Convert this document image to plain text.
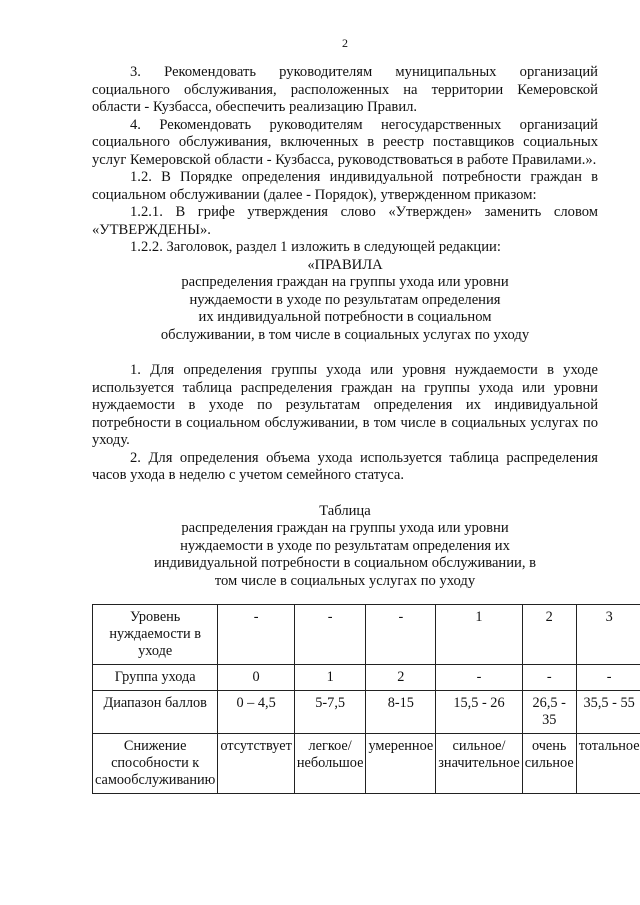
2

3. Рекомендовать руководителям муниципальных организаций социального обслуживания, расположенных на территории Кемеровской области - Кузбасса, обеспечить реализацию Правил.

4. Рекомендовать руководителям негосударственных организаций социального обслуживания, включенных в реестр поставщиков социальных услуг Кемеровской области - Кузбасса, руководствоваться в работе Правилами.».

1.2. В Порядке определения индивидуальной потребности граждан в социальном обслуживании (далее - Порядок), утвержденном приказом:

1.2.1. В грифе утверждения слово «Утвержден» заменить словом «УТВЕРЖДЕНЫ».

1.2.2. Заголовок, раздел 1 изложить в следующей редакции:

«ПРАВИЛА

распределения граждан на группы ухода или уровни

нуждаемости в уходе по результатам определения

их индивидуальной потребности в социальном

обслуживании, в том числе в социальных услугах по уходу

1. Для определения группы ухода или уровня нуждаемости в уходе используется таблица распределения граждан на группы ухода или уровни нуждаемости в уходе по результатам определения их индивидуальной потребности в социальном обслуживании, в том числе в социальных услугах по уходу.

2. Для определения объема ухода используется таблица распределения часов ухода в неделю с учетом семейного статуса.

Таблица

распределения граждан на группы ухода или уровни

нуждаемости в уходе по результатам определения их

индивидуальной потребности в социальном обслуживании, в

том числе в социальных услугах по уходу

Уровень нуждаемости в уходе	-	-	-	1	2	3
Группа ухода	0	1	2	-	-	-
Диапазон баллов	0 – 4,5	5-7,5	8-15	15,5 - 26	26,5 - 35	35,5 - 55
Снижение способности к самообслуживанию	отсутствует	легкое/ небольшое	умеренное	сильное/ значительное	очень сильное	тотальное
